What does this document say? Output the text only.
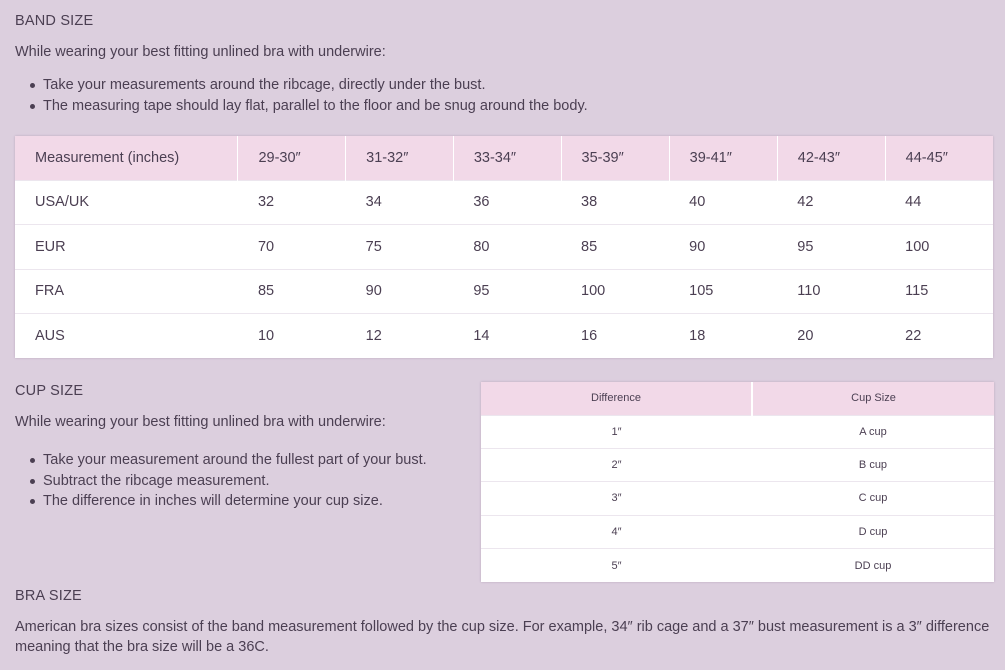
BAND SIZE
While wearing your best fitting unlined bra with underwire:
Take your measurements around the ribcage, directly under the bust.
The measuring tape should lay flat, parallel to the floor and be snug around the body.
Measurement (inches)	29-30″	31-32″	33-34″	35-39″	39-41″	42-43″	44-45″
USA/UK	32	34	36	38	40	42	44
EUR	70	75	80	85	90	95	100
FRA	85	90	95	100	105	110	115
AUS	10	12	14	16	18	20	22
CUP SIZE
While wearing your best fitting unlined bra with underwire:
Take your measurement around the fullest part of your bust.
Subtract the ribcage measurement.
The difference in inches will determine your cup size.
Difference	Cup Size
1″	A cup
2″	B cup
3″	C cup
4″	D cup
5″	DD cup
BRA SIZE
American bra sizes consist of the band measurement followed by the cup size. For example, 34″ rib cage and a 37″ bust measurement is a 3″ difference meaning that the bra size will be a 36C.
